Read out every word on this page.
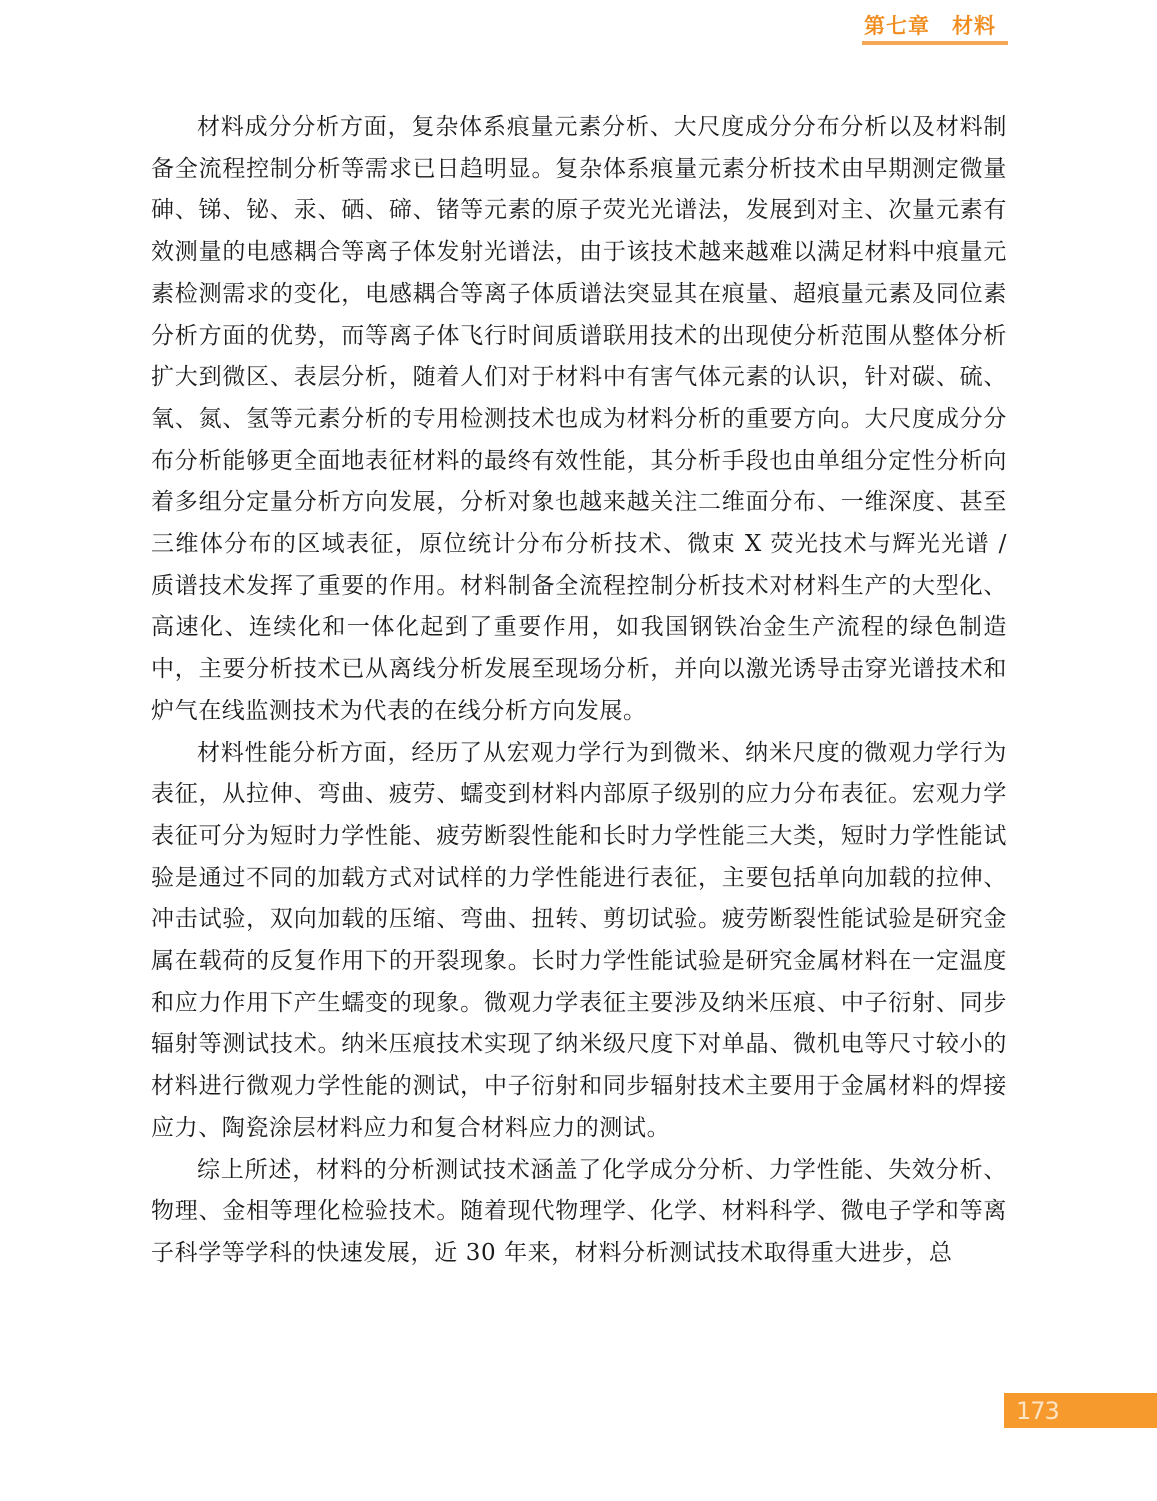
第七章 材料

材料成分分析方面，复杂体系痕量元素分析、大尺度成分分布分析以及材料制备全流程控制分析等需求已日趋明显。复杂体系痕量元素分析技术由早期测定微量砷、锑、铋、汞、硒、碲、锗等元素的原子荧光光谱法，发展到对主、次量元素有效测量的电感耦合等离子体发射光谱法，由于该技术越来越难以满足材料中痕量元素检测需求的变化，电感耦合等离子体质谱法突显其在痕量、超痕量元素及同位素分析方面的优势，而等离子体飞行时间质谱联用技术的出现使分析范围从整体分析扩大到微区、表层分析，随着人们对于材料中有害气体元素的认识，针对碳、硫、氧、氮、氢等元素分析的专用检测技术也成为材料分析的重要方向。大尺度成分分布分析能够更全面地表征材料的最终有效性能，其分析手段也由单组分定性分析向着多组分定量分析方向发展，分析对象也越来越关注二维面分布、一维深度、甚至三维体分布的区域表征，原位统计分布分析技术、微束 X 荧光技术与辉光光谱 / 质谱技术发挥了重要的作用。材料制备全流程控制分析技术对材料生产的大型化、高速化、连续化和一体化起到了重要作用，如我国钢铁冶金生产流程的绿色制造中，主要分析技术已从离线分析发展至现场分析，并向以激光诱导击穿光谱技术和炉气在线监测技术为代表的在线分析方向发展。

材料性能分析方面，经历了从宏观力学行为到微米、纳米尺度的微观力学行为表征，从拉伸、弯曲、疲劳、蠕变到材料内部原子级别的应力分布表征。宏观力学表征可分为短时力学性能、疲劳断裂性能和长时力学性能三大类，短时力学性能试验是通过不同的加载方式对试样的力学性能进行表征，主要包括单向加载的拉伸、冲击试验，双向加载的压缩、弯曲、扭转、剪切试验。疲劳断裂性能试验是研究金属在载荷的反复作用下的开裂现象。长时力学性能试验是研究金属材料在一定温度和应力作用下产生蠕变的现象。微观力学表征主要涉及纳米压痕、中子衍射、同步辐射等测试技术。纳米压痕技术实现了纳米级尺度下对单晶、微机电等尺寸较小的材料进行微观力学性能的测试，中子衍射和同步辐射技术主要用于金属材料的焊接应力、陶瓷涂层材料应力和复合材料应力的测试。

综上所述，材料的分析测试技术涵盖了化学成分分析、力学性能、失效分析、物理、金相等理化检验技术。随着现代物理学、化学、材料科学、微电子学和等离子科学等学科的快速发展，近 30 年来，材料分析测试技术取得重大进步，总

173
